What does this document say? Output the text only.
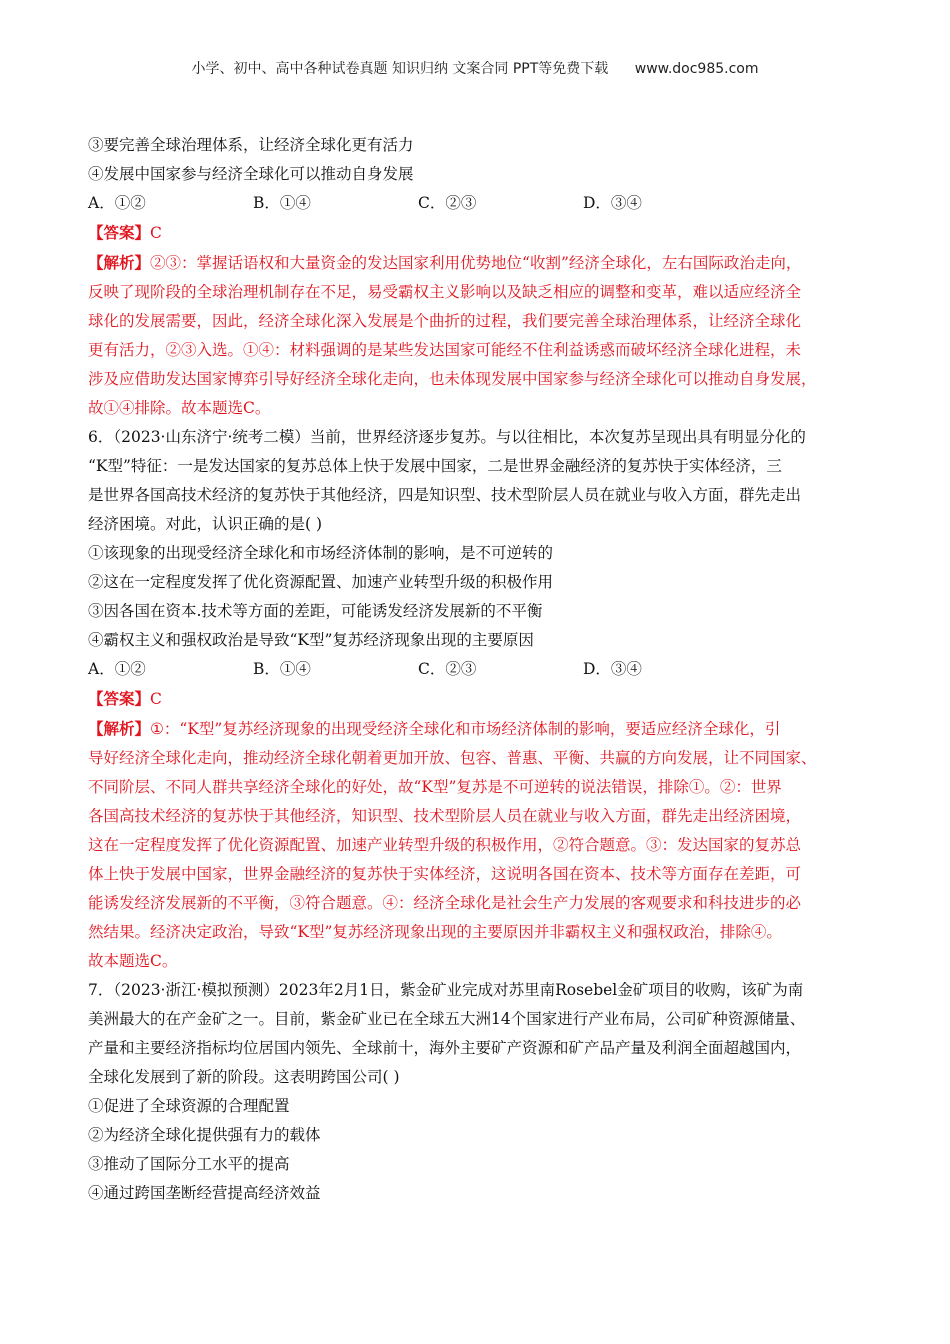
小学、初中、高中各种试卷真题 知识归纳 文案合同 PPT等免费下载 www.doc985.com
③要完善全球治理体系，让经济全球化更有活力
④发展中国家参与经济全球化可以推动自身发展
A．①②	B．①④	C．②③	D．③④
【答案】C
【解析】②③：掌握话语权和大量资金的发达国家利用优势地位“收割”经济全球化，左右国际政治走向，
反映了现阶段的全球治理机制存在不足，易受霸权主义影响以及缺乏相应的调整和变革，难以适应经济全
球化的发展需要，因此，经济全球化深入发展是个曲折的过程，我们要完善全球治理体系，让经济全球化
更有活力，②③入选。①④：材料强调的是某些发达国家可能经不住利益诱惑而破坏经济全球化进程，未
涉及应借助发达国家博弈引导好经济全球化走向，也未体现发展中国家参与经济全球化可以推动自身发展，
故①④排除。故本题选C。
6．（2023·山东济宁·统考二模）当前，世界经济逐步复苏。与以往相比，本次复苏呈现出具有明显分化的
“K型”特征：一是发达国家的复苏总体上快于发展中国家，二是世界金融经济的复苏快于实体经济，三
是世界各国高技术经济的复苏快于其他经济，四是知识型、技术型阶层人员在就业与收入方面，群先走出
经济困境。对此，认识正确的是( )
①该现象的出现受经济全球化和市场经济体制的影响，是不可逆转的
②这在一定程度发挥了优化资源配置、加速产业转型升级的积极作用
③因各国在资本.技术等方面的差距，可能诱发经济发展新的不平衡
④霸权主义和强权政治是导致“K型”复苏经济现象出现的主要原因
A．①②	B．①④	C．②③	D．③④
【答案】C
【解析】①：“K型”复苏经济现象的出现受经济全球化和市场经济体制的影响，要适应经济全球化，引
导好经济全球化走向，推动经济全球化朝着更加开放、包容、普惠、平衡、共赢的方向发展，让不同国家、
不同阶层、不同人群共享经济全球化的好处，故“K型”复苏是不可逆转的说法错误，排除①。②：世界
各国高技术经济的复苏快于其他经济，知识型、技术型阶层人员在就业与收入方面，群先走出经济困境，
这在一定程度发挥了优化资源配置、加速产业转型升级的积极作用，②符合题意。③：发达国家的复苏总
体上快于发展中国家，世界金融经济的复苏快于实体经济，这说明各国在资本、技术等方面存在差距，可
能诱发经济发展新的不平衡，③符合题意。④：经济全球化是社会生产力发展的客观要求和科技进步的必
然结果。经济决定政治，导致“K型”复苏经济现象出现的主要原因并非霸权主义和强权政治，排除④。
故本题选C。
7．（2023·浙江·模拟预测）2023年2月1日，紫金矿业完成对苏里南Rosebel金矿项目的收购，该矿为南
美洲最大的在产金矿之一。目前，紫金矿业已在全球五大洲14个国家进行产业布局，公司矿种资源储量、
产量和主要经济指标均位居国内领先、全球前十，海外主要矿产资源和矿产品产量及利润全面超越国内，
全球化发展到了新的阶段。这表明跨国公司( )
①促进了全球资源的合理配置
②为经济全球化提供强有力的载体
③推动了国际分工水平的提高
④通过跨国垄断经营提高经济效益
